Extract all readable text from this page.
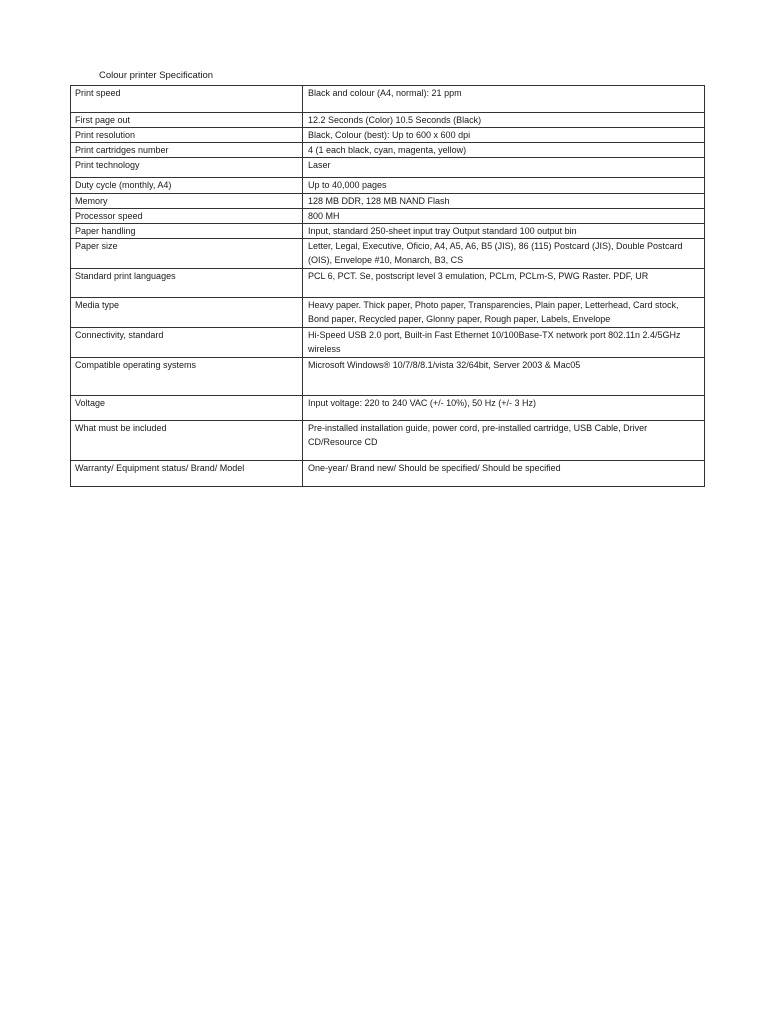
Colour printer Specification
Print speed	Black and colour (A4, normal): 21 ppm

First page out	12.2 Seconds (Color) 10.5 Seconds (Black)

Print resolution	Black, Colour (best): Up to 600 x 600 dpi

Print cartridges number	4 (1 each black, cyan, magenta, yellow)

Print technology	Laser

Duty cycle (monthly, A4)	Up to 40,000 pages

Memory	128 MB DDR, 128 MB NAND Flash

Processor speed	800 MH

Paper handling	Input, standard 250-sheet input tray Output standard 100 output bin

Paper size	Letter, Legal, Executive, Oficio, A4, A5, A6, B5 (JIS), 86 (115) Postcard (JIS), Double Postcard (OIS), Envelope #10, Monarch, B3, CS

Standard print languages	PCL 6, PCT. Se, postscript level 3 emulation, PCLm, PCLm-S, PWG Raster. PDF, UR

Media type	Heavy paper. Thick paper, Photo paper, Transparencies, Plain paper, Letterhead, Card stock, Bond paper, Recycled paper, Glonny paper, Rough paper, Labels, Envelope

Connectivity, standard	Hi-Speed USB 2.0 port, Built-in Fast Ethernet 10/100Base-TX network port 802.11n 2.4/5GHz wireless

Compatible operating systems	Microsoft Windows® 10/7/8/8.1/vista 32/64bit, Server 2003 & Mac05

Voltage	Input voltage: 220 to 240 VAC (+/- 10%), 50 Hz (+/- 3 Hz)

What must be included	Pre-installed installation guide, power cord, pre-installed cartridge, USB Cable, Driver CD/Resource CD

Warranty/ Equipment status/ Brand/ Model	One-year/ Brand new/ Should be specified/ Should be specified
